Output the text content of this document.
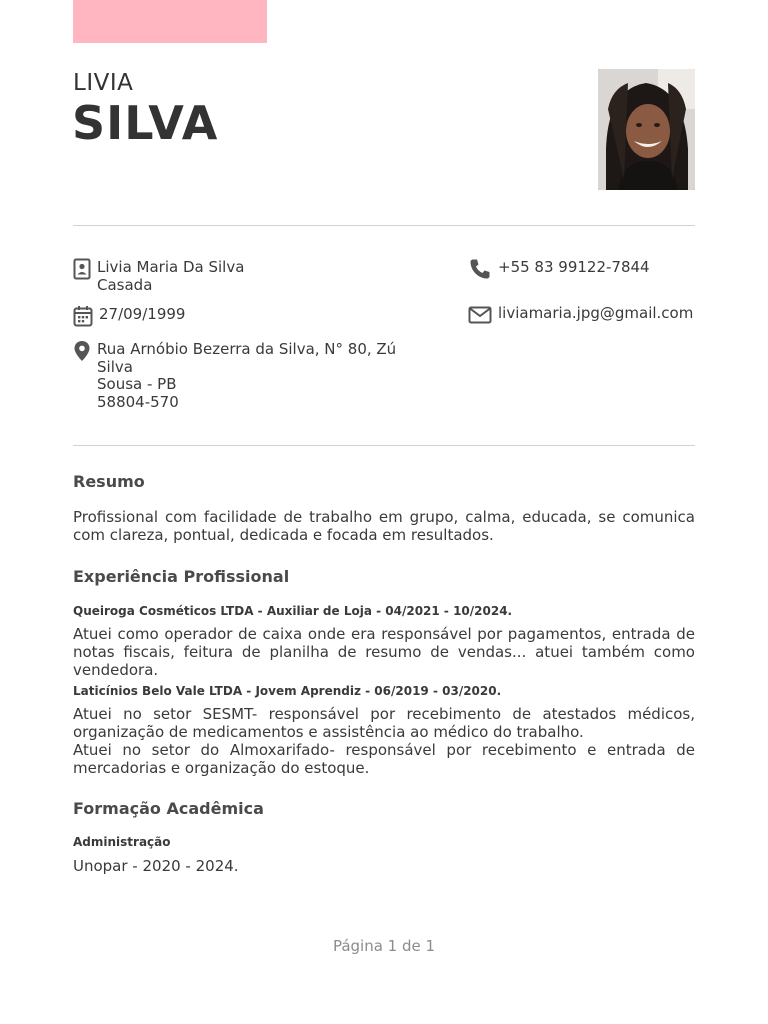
LIVIA
SILVA
Livia Maria Da Silva
Casada
27/09/1999
Rua Arnóbio Bezerra da Silva, N° 80, Zú Silva
Sousa - PB
58804-570
+55 83 99122-7844
liviamaria.jpg@gmail.com
Resumo
Profissional com facilidade de trabalho em grupo, calma, educada, se comunica com clareza, pontual, dedicada e focada em resultados.
Experiência Profissional
Queiroga Cosméticos LTDA - Auxiliar de Loja - 04/2021 - 10/2024.
Atuei como operador de caixa onde era responsável por pagamentos, entrada de notas fiscais, feitura de planilha de resumo de vendas... atuei também como vendedora.
Laticínios Belo Vale LTDA - Jovem Aprendiz - 06/2019 - 03/2020.
Atuei no setor SESMT- responsável por recebimento de atestados médicos, organização de medicamentos e assistência ao médico do trabalho.
Atuei no setor do Almoxarifado- responsável por recebimento e entrada de mercadorias e organização do estoque.
Formação Acadêmica
Administração
Unopar - 2020 - 2024.
Página 1 de 1
